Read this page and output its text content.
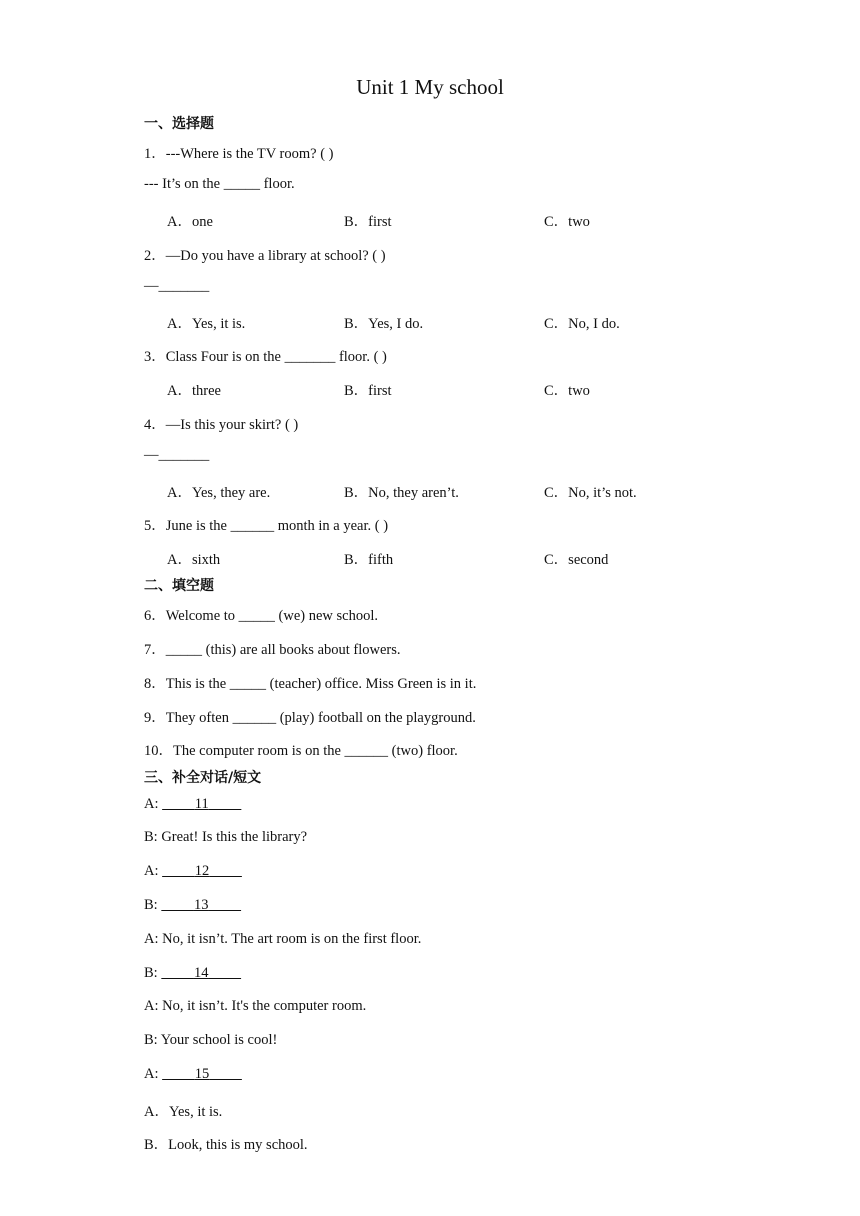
Unit 1 My school
一、选择题
1．---Where is the TV room? ( )
--- It’s on the _____ floor.
A．one	B．first	C．two
2．—Do you have a library at school? ( )
—_______
A．Yes, it is.	B．Yes, I do.	C．No, I do.
3．Class Four is on the _______ floor. ( )
A．three	B．first	C．two
4．—Is this your skirt? ( )
—_______
A．Yes, they are.	B．No, they aren’t.	C．No, it’s not.
5．June is the ______ month in a year. ( )
A．sixth	B．fifth	C．second
二、填空题
6．Welcome to _____ (we) new school.
7．_____ (this) are all books about flowers.
8．This is the _____ (teacher) office. Miss Green is in it.
9．They often ______ (play) football on the playground.
10．The computer room is on the ______ (two) floor.
三、补全对话/短文
A:	11
B: Great! Is this the library?
A:	12
B:	13
A: No, it isn’t. The art room is on the first floor.
B:	14
A: No, it isn’t. It's the computer room.
B: Your school is cool!
A:	15
A．Yes, it is.
B．Look, this is my school.
